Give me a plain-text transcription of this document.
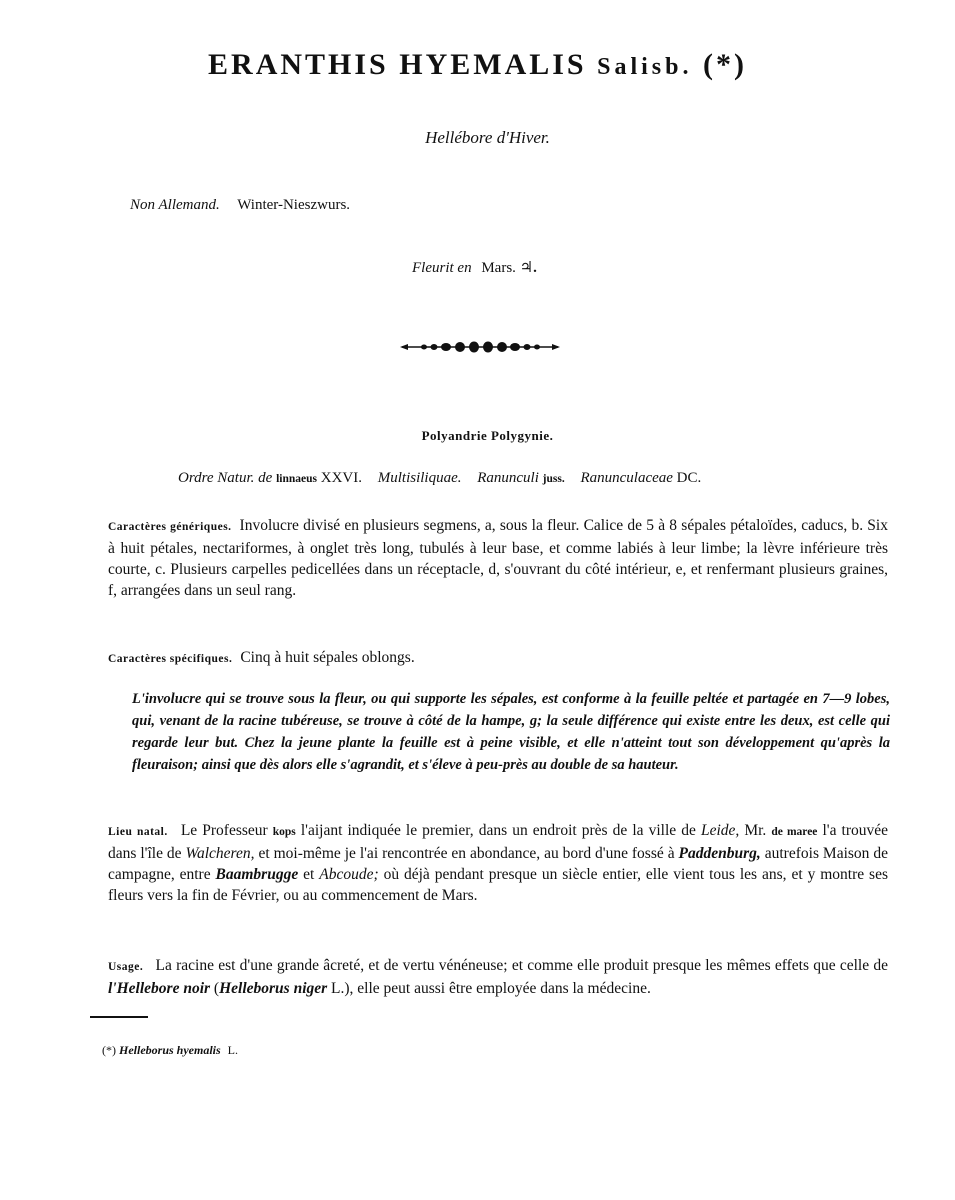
ERANTHIS HYEMALIS Salisb. (*)
Hellébore d'Hiver.
Non Allemand. Winter-Nieszwurs.
Fleurit en Mars. ♃.
Polyandrie Polygynie.
Ordre Natur. de linnaeus XXVI. Multisiliquae. Ranunculi juss. Ranunculaceae DC.
Caractères génériques. Involucre divisé en plusieurs segmens, a, sous la fleur. Calice de 5 à 8 sépales pétaloïdes, caducs, b. Six à huit pétales, nectariformes, à onglet très long, tubulés à leur base, et comme labiés à leur limbe; la lèvre inférieure très courte, c. Plusieurs carpelles pedicellées dans un réceptacle, d, s'ouvrant du côté intérieur, e, et renfermant plusieurs graines, f, arrangées dans un seul rang.
Caractères spécifiques. Cinq à huit sépales oblongs.
L'involucre qui se trouve sous la fleur, ou qui supporte les sépales, est conforme à la feuille peltée et partagée en 7—9 lobes, qui, venant de la racine tubéreuse, se trouve à côté de la hampe, g; la seule différence qui existe entre les deux, est celle qui regarde leur but. Chez la jeune plante la feuille est à peine visible, et elle n'atteint tout son développement qu'après la fleuraison; ainsi que dès alors elle s'agrandit, et s'éleve à peu-près au double de sa hauteur.
Lieu natal. Le Professeur kops l'aijant indiquée le premier, dans un endroit près de la ville de Leide, Mr. de maree l'a trouvée dans l'île de Walcheren, et moi-même je l'ai rencontrée en abondance, au bord d'une fossé à Paddenburg, autrefois Maison de campagne, entre Baambrugge et Abcoude; où déjà pendant presque un siècle entier, elle vient tous les ans, et y montre ses fleurs vers la fin de Février, ou au commencement de Mars.
Usage. La racine est d'une grande âcreté, et de vertu vénéneuse; et comme elle produit presque les mêmes effets que celle de l'Hellebore noir (Helleborus niger L.), elle peut aussi être employée dans la médecine.
(*) Helleborus hyemalis L.
